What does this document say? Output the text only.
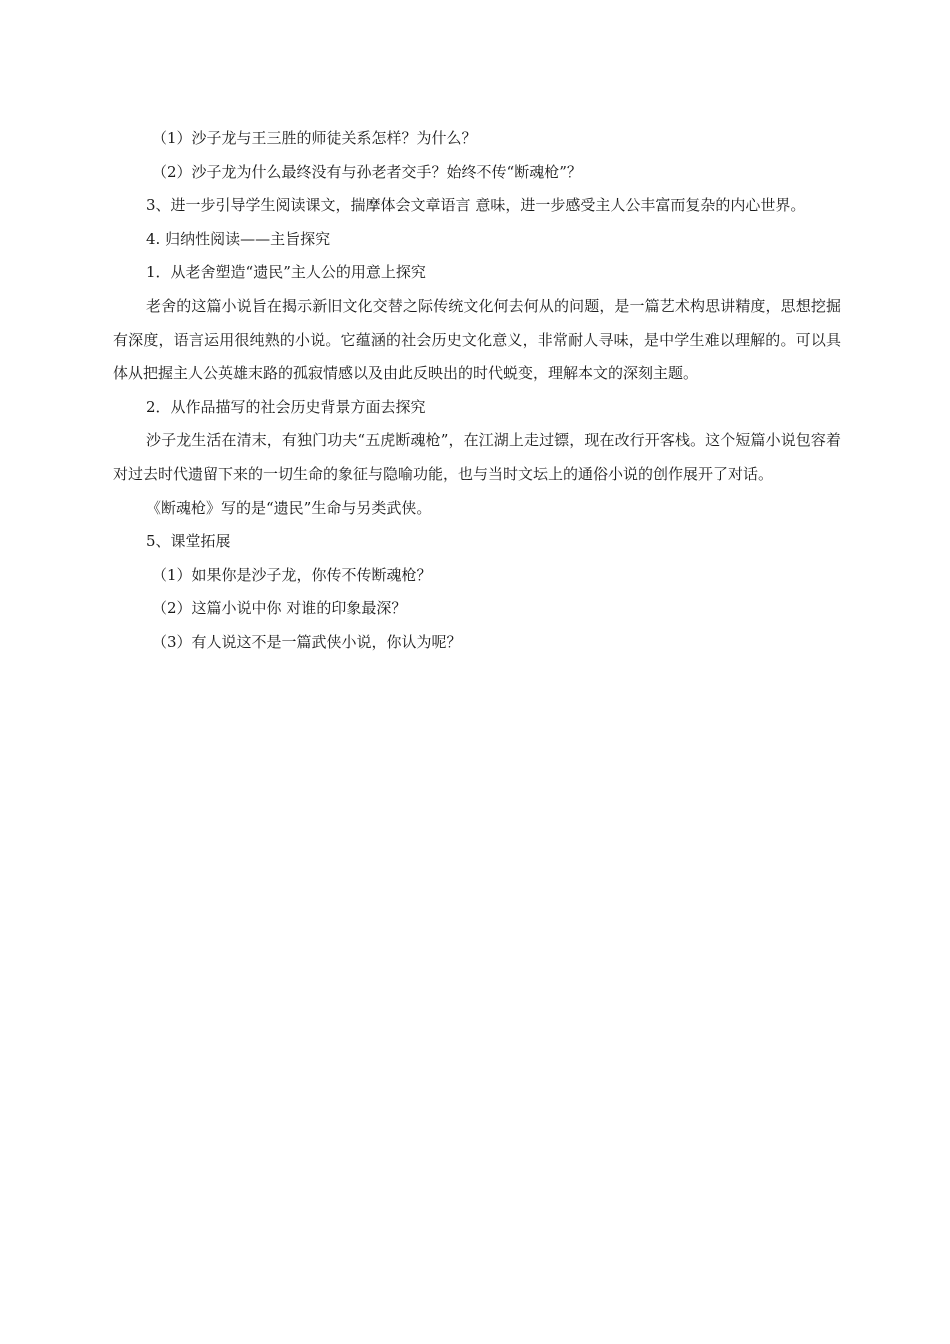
（1）沙子龙与王三胜的师徒关系怎样？为什么？

（2）沙子龙为什么最终没有与孙老者交手？始终不传“断魂枪”？

3、进一步引导学生阅读课文，揣摩体会文章语言 意味，进一步感受主人公丰富而复杂的内心世界。

4. 归纳性阅读——主旨探究

1．从老舍塑造“遗民”主人公的用意上探究

老舍的这篇小说旨在揭示新旧文化交替之际传统文化何去何从的问题，是一篇艺术构思讲精度，思想挖掘有深度，语言运用很纯熟的小说。它蕴涵的社会历史文化意义，非常耐人寻味，是中学生难以理解的。可以具体从把握主人公英雄末路的孤寂情感以及由此反映出的时代蜕变，理解本文的深刻主题。

2．从作品描写的社会历史背景方面去探究

沙子龙生活在清末，有独门功夫“五虎断魂枪”，在江湖上走过镖，现在改行开客栈。这个短篇小说包容着对过去时代遗留下来的一切生命的象征与隐喻功能，也与当时文坛上的通俗小说的创作展开了对话。

《断魂枪》写的是“遗民”生命与另类武侠。

5、课堂拓展

（1）如果你是沙子龙，你传不传断魂枪？

（2）这篇小说中你 对谁的印象最深？

（3）有人说这不是一篇武侠小说，你认为呢？
